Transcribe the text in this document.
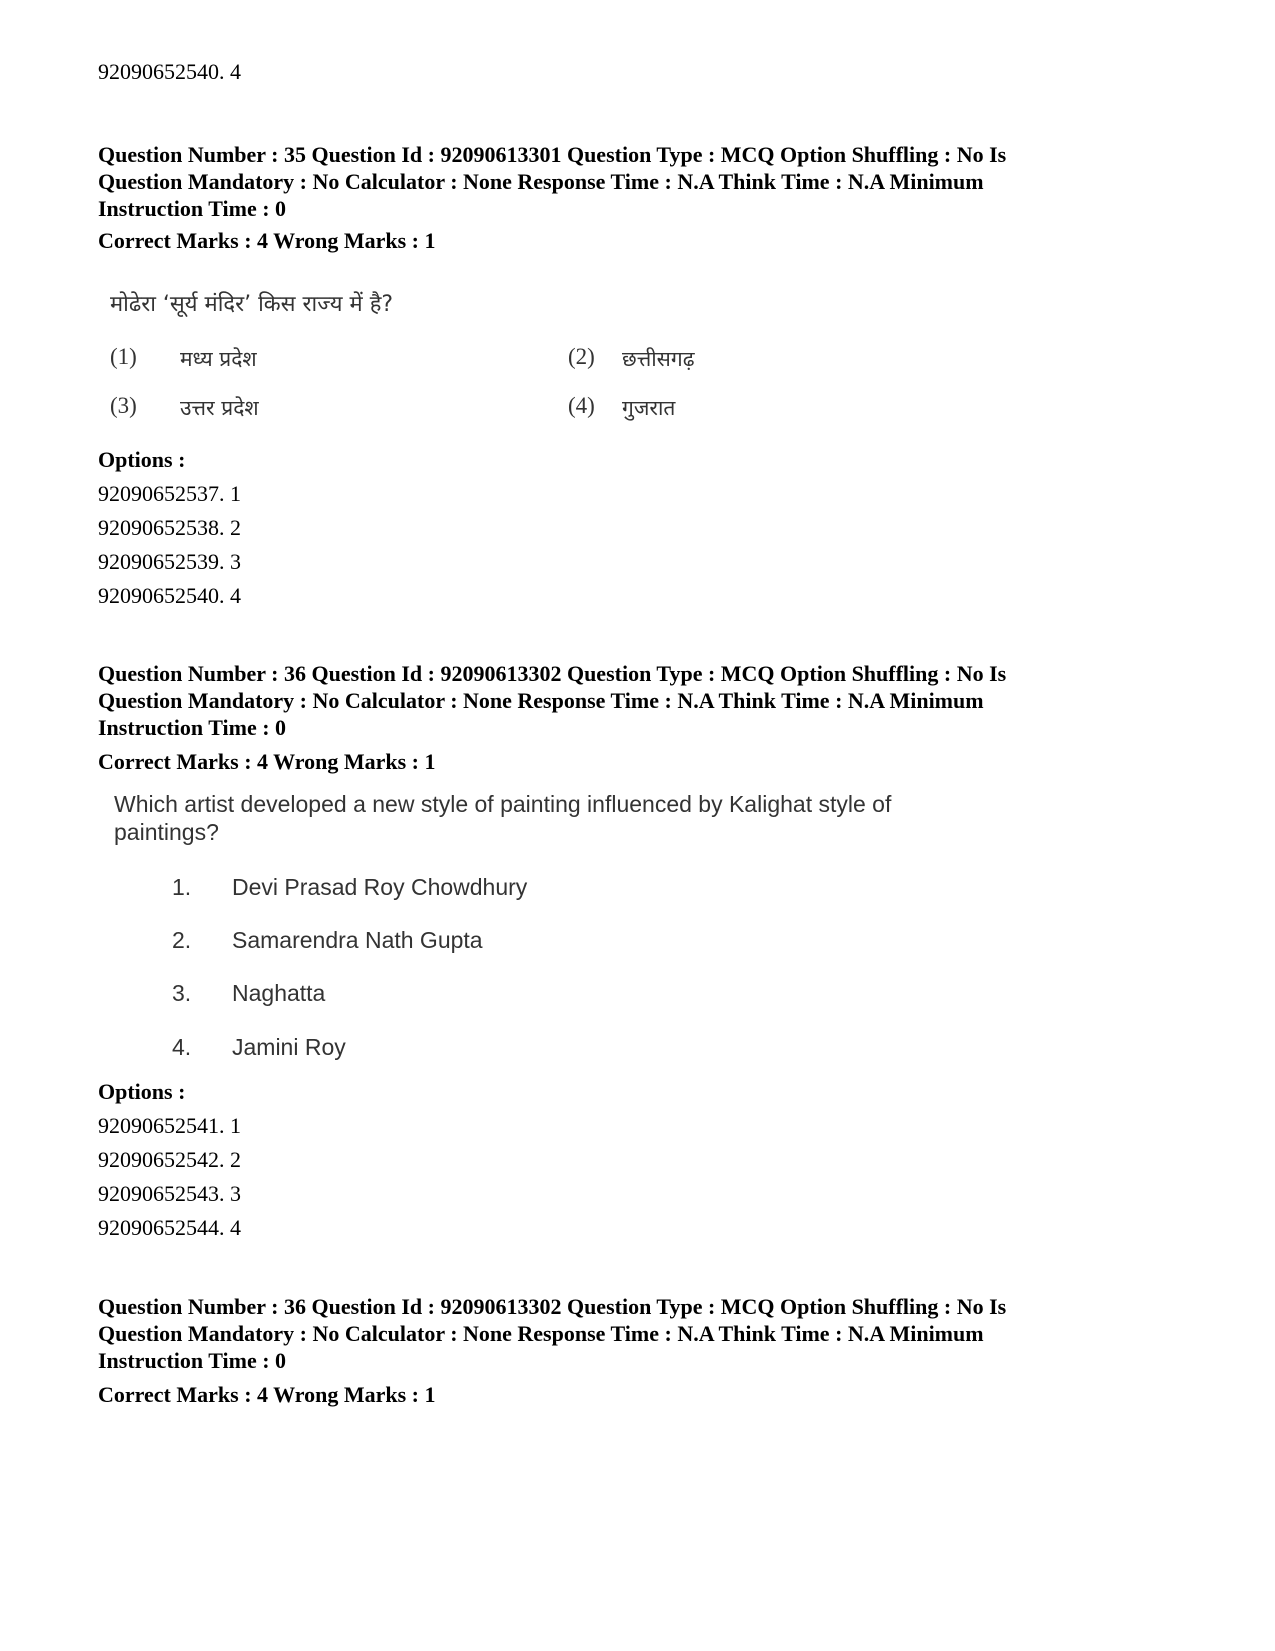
92090652540. 4
Question Number : 35 Question Id : 92090613301 Question Type : MCQ Option Shuffling : No Is
Question Mandatory : No Calculator : None Response Time : N.A Think Time : N.A Minimum
Instruction Time : 0
Correct Marks : 4 Wrong Marks : 1
मोढेरा ‘सूर्य मंदिर’ किस राज्य में है?
(1) मध्य प्रदेश	(2) छत्तीसगढ़
(3) उत्तर प्रदेश	(4) गुजरात
Options :
92090652537. 1
92090652538. 2
92090652539. 3
92090652540. 4
Question Number : 36 Question Id : 92090613302 Question Type : MCQ Option Shuffling : No Is
Question Mandatory : No Calculator : None Response Time : N.A Think Time : N.A Minimum
Instruction Time : 0
Correct Marks : 4 Wrong Marks : 1
Which artist developed a new style of painting influenced by Kalighat style of
paintings?
1. Devi Prasad Roy Chowdhury
2. Samarendra Nath Gupta
3. Naghatta
4. Jamini Roy
Options :
92090652541. 1
92090652542. 2
92090652543. 3
92090652544. 4
Question Number : 36 Question Id : 92090613302 Question Type : MCQ Option Shuffling : No Is
Question Mandatory : No Calculator : None Response Time : N.A Think Time : N.A Minimum
Instruction Time : 0
Correct Marks : 4 Wrong Marks : 1
